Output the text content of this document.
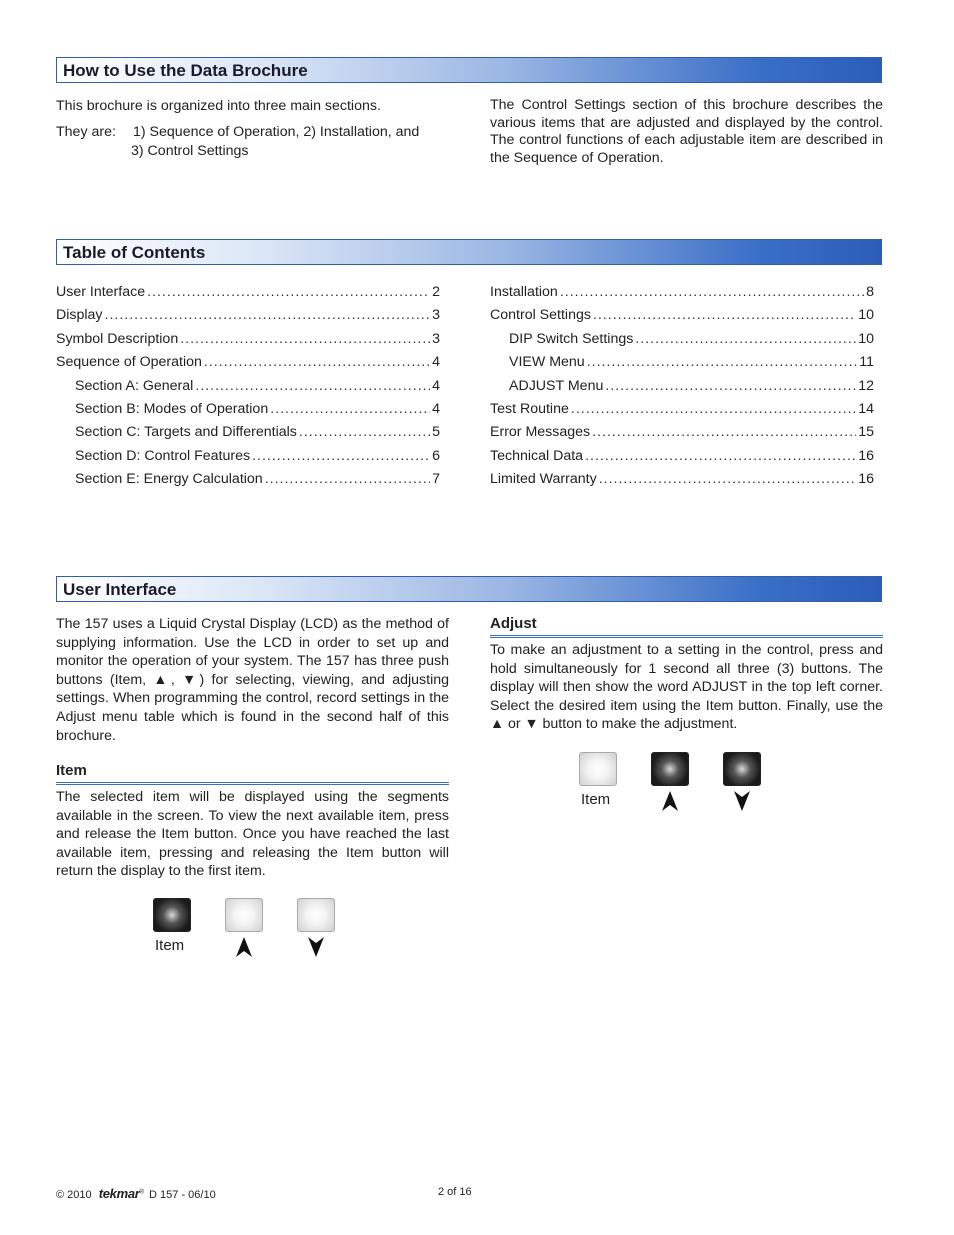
How to Use the Data Brochure
This brochure is organized into three main sections.
They are:	1) Sequence of Operation, 2) Installation, and
3) Control Settings
The Control Settings section of this brochure describes the various items that are adjusted and displayed by the control. The control functions of each adjustable item are described in the Sequence of Operation.
Table of Contents
User Interface .....	2
Display .....	3
Symbol Description .....	3
Sequence of Operation .....	4
Section A: General .....	4
Section B: Modes of Operation .....	4
Section C: Targets and Differentials .....	5
Section D: Control Features .....	6
Section E: Energy Calculation .....	7
Installation .....	8
Control Settings .....	10
DIP Switch Settings .....	10
VIEW Menu .....	11
ADJUST Menu .....	12
Test Routine .....	14
Error Messages .....	15
Technical Data .....	16
Limited Warranty .....	16
User Interface
The 157 uses a Liquid Crystal Display (LCD) as the method of supplying information. Use the LCD in order to set up and monitor the operation of your system. The 157 has three push buttons (Item, ▲, ▼) for selecting, viewing, and adjusting settings. When programming the control, record settings in the Adjust menu table which is found in the second half of this brochure.
Item
The selected item will be displayed using the segments available in the screen. To view the next available item, press and release the Item button. Once you have reached the last available item, pressing and releasing the Item button will return the display to the first item.
Item
Adjust
To make an adjustment to a setting in the control, press and hold simultaneously for 1 second all three (3) buttons. The display will then show the word ADJUST in the top left corner. Select the desired item using the Item button. Finally, use the ▲ or ▼ button to make the adjustment.
Item
© 2010 tekmar® D 157 - 06/10	2 of 16
